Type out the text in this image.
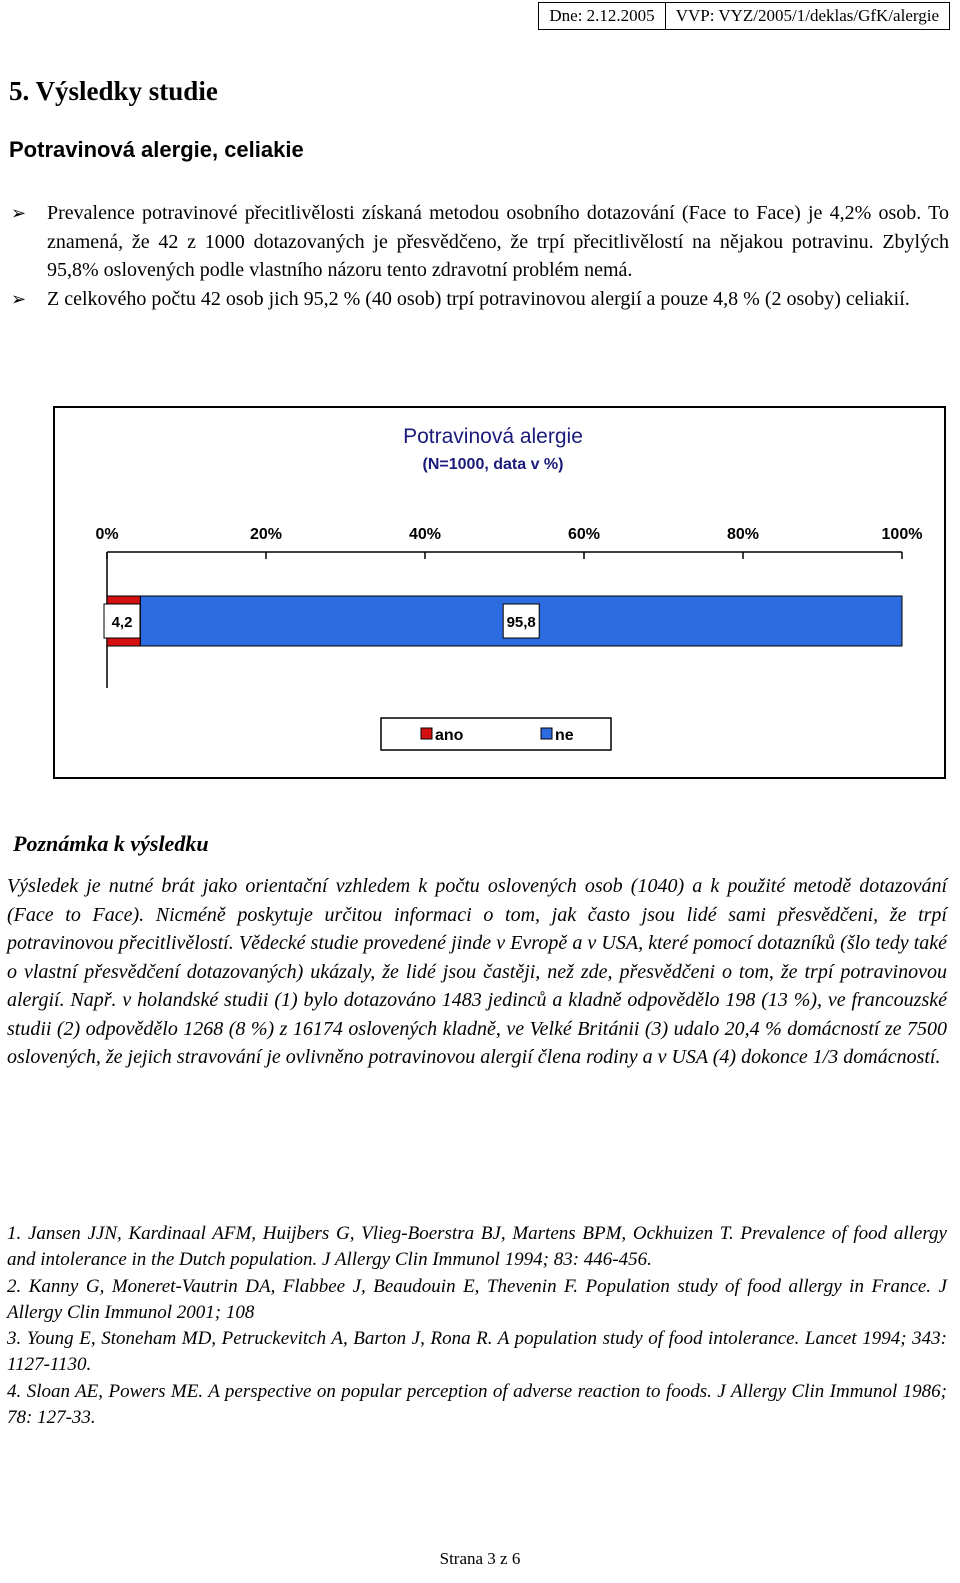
Dne: 2.12.2005	VVP: VYZ/2005/1/deklas/GfK/alergie
5. Výsledky studie
Potravinová alergie, celiakie
➢ Prevalence potravinové přecitlivělosti získaná metodou osobního dotazování (Face to Face) je 4,2% osob. To znamená, že 42 z 1000 dotazovaných je přesvědčeno, že trpí přecitlivělostí na nějakou potravinu. Zbylých 95,8% oslovených podle vlastního názoru tento zdravotní problém nemá.
➢ Z celkového počtu 42 osob jich 95,2 % (40 osob) trpí potravinovou alergií a pouze 4,8 % (2 osoby) celiakií.
Potravinová alergie
(N=1000, data v %)
0%	20%	40%	60%	80%	100%
4,2	95,8
ano	ne
Poznámka k výsledku
Výsledek je nutné brát jako orientační vzhledem k počtu oslovených osob (1040) a k použité metodě dotazování (Face to Face). Nicméně poskytuje určitou informaci o tom, jak často jsou lidé sami přesvědčeni, že trpí potravinovou přecitlivělostí. Vědecké studie provedené jinde v Evropě a v USA, které pomocí dotazníků (šlo tedy také o vlastní přesvědčení dotazovaných) ukázaly, že lidé jsou častěji, než zde, přesvědčeni o tom, že trpí potravinovou alergií. Např. v holandské studii (1) bylo dotazováno 1483 jedinců a kladně odpovědělo 198 (13 %), ve francouzské studii (2) odpovědělo 1268 (8 %) z 16174 oslovených kladně, ve Velké Británii (3) udalo 20,4 % domácností ze 7500 oslovených, že jejich stravování je ovlivněno potravinovou alergií člena rodiny a v USA (4) dokonce 1/3 domácností.

1. Jansen JJN, Kardinaal AFM, Huijbers G, Vlieg-Boerstra BJ, Martens BPM, Ockhuizen T. Prevalence of food allergy and intolerance in the Dutch population. J Allergy Clin Immunol 1994; 83: 446-456.

2. Kanny G, Moneret-Vautrin DA, Flabbee J, Beaudouin E, Thevenin F. Population study of food allergy in France. J Allergy Clin Immunol 2001; 108

3. Young E, Stoneham MD, Petruckevitch A, Barton J, Rona R. A population study of food intolerance. Lancet 1994; 343: 1127-1130.

4. Sloan AE, Powers ME. A perspective on popular perception of adverse reaction to foods. J Allergy Clin Immunol 1986; 78: 127-33.

Strana 3 z 6
